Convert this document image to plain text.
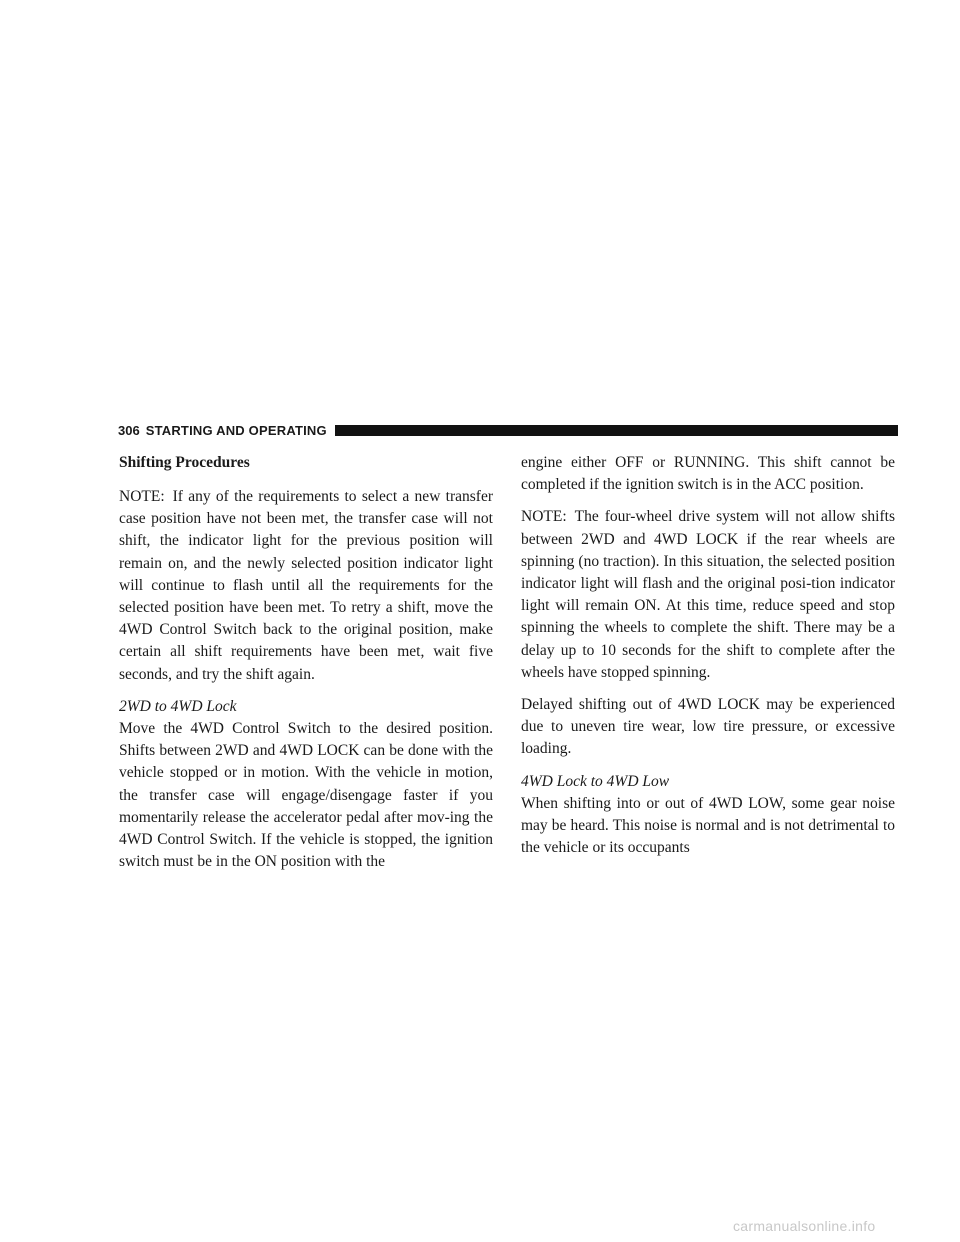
306 STARTING AND OPERATING
Shifting Procedures

NOTE: If any of the requirements to select a new transfer case position have not been met, the transfer case will not shift, the indicator light for the previous position will remain on, and the newly selected position indicator light will continue to flash until all the requirements for the selected position have been met. To retry a shift, move the 4WD Control Switch back to the original position, make certain all shift requirements have been met, wait five seconds, and try the shift again.

2WD to 4WD Lock

Move the 4WD Control Switch to the desired position. Shifts between 2WD and 4WD LOCK can be done with the vehicle stopped or in motion. With the vehicle in motion, the transfer case will engage/disengage faster if you momentarily release the accelerator pedal after mov-ing the 4WD Control Switch. If the vehicle is stopped, the ignition switch must be in the ON position with the

engine either OFF or RUNNING. This shift cannot be completed if the ignition switch is in the ACC position.

NOTE: The four-wheel drive system will not allow shifts between 2WD and 4WD LOCK if the rear wheels are spinning (no traction). In this situation, the selected position indicator light will flash and the original posi-tion indicator light will remain ON. At this time, reduce speed and stop spinning the wheels to complete the shift. There may be a delay up to 10 seconds for the shift to complete after the wheels have stopped spinning.

Delayed shifting out of 4WD LOCK may be experienced due to uneven tire wear, low tire pressure, or excessive loading.

4WD Lock to 4WD Low

When shifting into or out of 4WD LOW, some gear noise may be heard. This noise is normal and is not detrimental to the vehicle or its occupants

carmanualsonline.info
